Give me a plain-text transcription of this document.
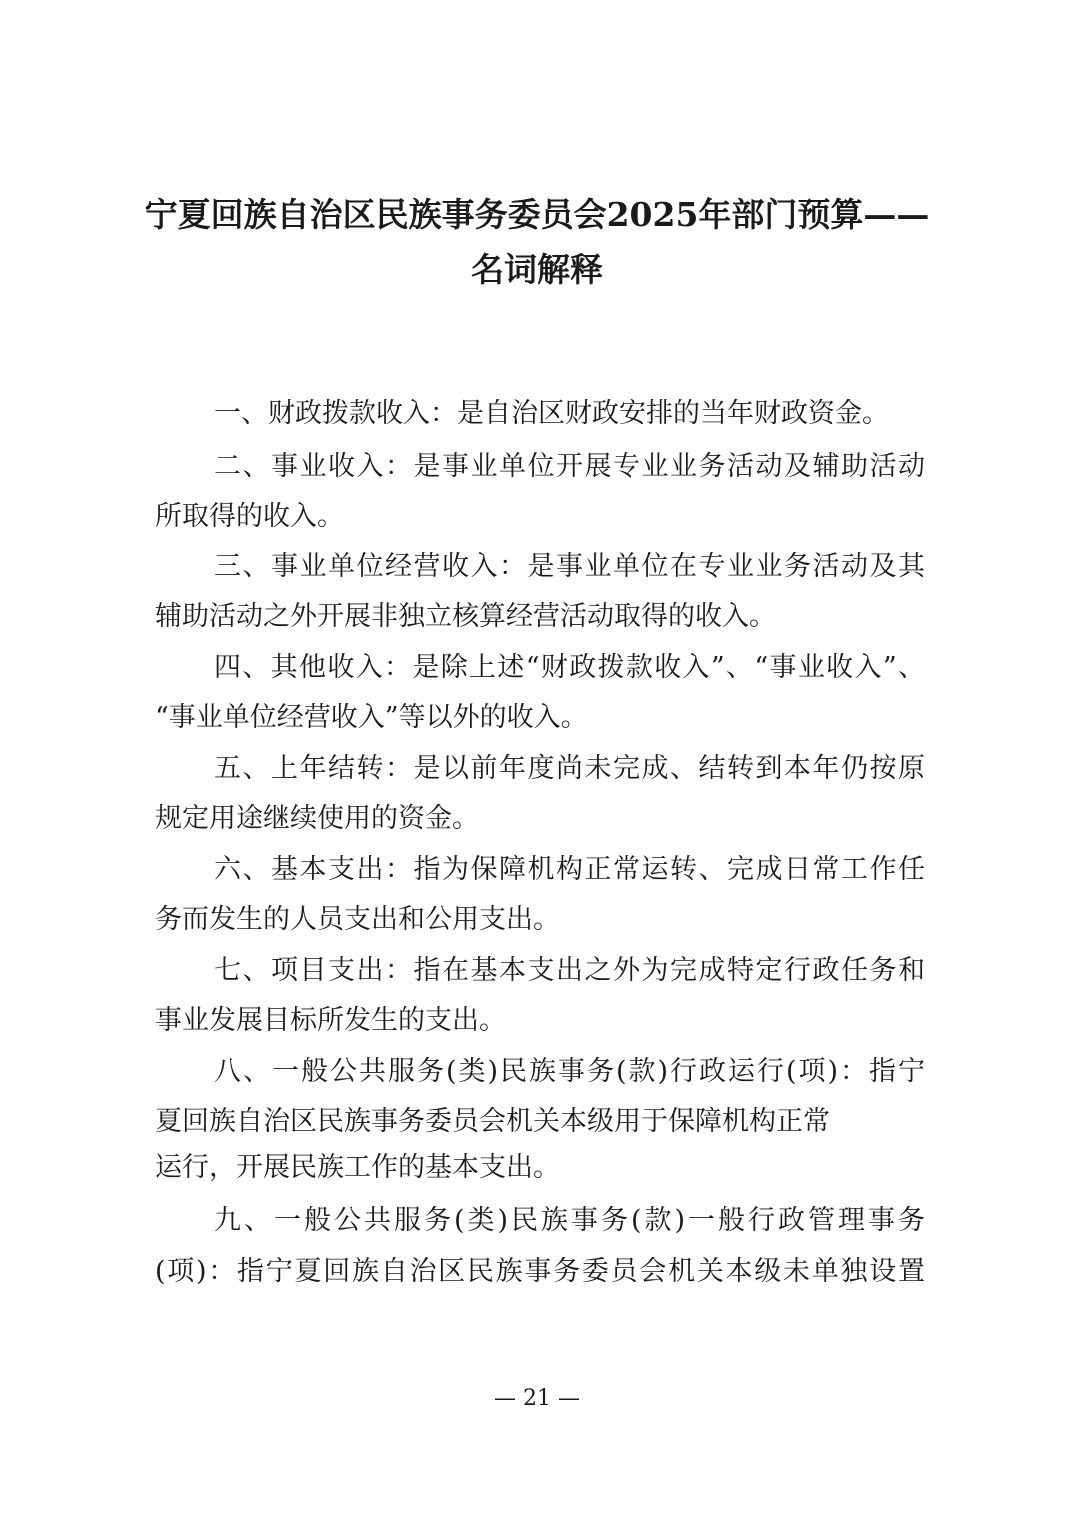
宁夏回族自治区民族事务委员会2025年部门预算——
名词解释
一、财政拨款收入：是自治区财政安排的当年财政资金。
二、事业收入：是事业单位开展专业业务活动及辅助活动
所取得的收入。
三、事业单位经营收入：是事业单位在专业业务活动及其
辅助活动之外开展非独立核算经营活动取得的收入。
四、其他收入：是除上述“财政拨款收入”、“事业收入”、
“事业单位经营收入”等以外的收入。
五、上年结转：是以前年度尚未完成、结转到本年仍按原
规定用途继续使用的资金。
六、基本支出：指为保障机构正常运转、完成日常工作任
务而发生的人员支出和公用支出。
七、项目支出：指在基本支出之外为完成特定行政任务和
事业发展目标所发生的支出。
八、一般公共服务(类)民族事务(款)行政运行(项)：指宁
夏回族自治区民族事务委员会机关本级用于保障机构正常
运行，开展民族工作的基本支出。
九、一般公共服务(类)民族事务(款)一般行政管理事务
(项)：指宁夏回族自治区民族事务委员会机关本级未单独设置
— 21 —
